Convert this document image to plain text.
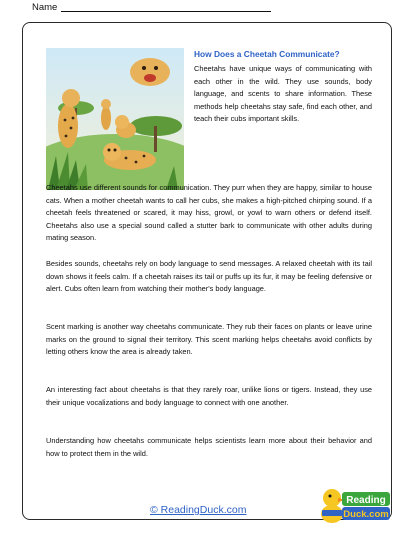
Name
How Does a Cheetah Communicate?

Cheetahs have unique ways of communicating with each other in the wild. They use sounds, body language, and scents to share information. These methods help cheetahs stay safe, find each other, and teach their cubs important skills.

Cheetahs use different sounds for communication. They purr when they are happy, similar to house cats. When a mother cheetah wants to call her cubs, she makes a high-pitched chirping sound. If a cheetah feels threatened or scared, it may hiss, growl, or yowl to warn others or defend itself. Cheetahs also use a special sound called a stutter bark to communicate with other adults during mating season.

Besides sounds, cheetahs rely on body language to send messages. A relaxed cheetah with its tail down shows it feels calm. If a cheetah raises its tail or puffs up its fur, it may be feeling defensive or alert. Cubs often learn from watching their mother's body language.

Scent marking is another way cheetahs communicate. They rub their faces on plants or leave urine marks on the ground to signal their territory. This scent marking helps cheetahs avoid conflicts by letting others know the area is already taken.

An interesting fact about cheetahs is that they rarely roar, unlike lions or tigers. Instead, they use their unique vocalizations and body language to connect with one another.

Understanding how cheetahs communicate helps scientists learn more about their behavior and how to protect them in the wild.

© ReadingDuck.com
Reading
Duck.com
